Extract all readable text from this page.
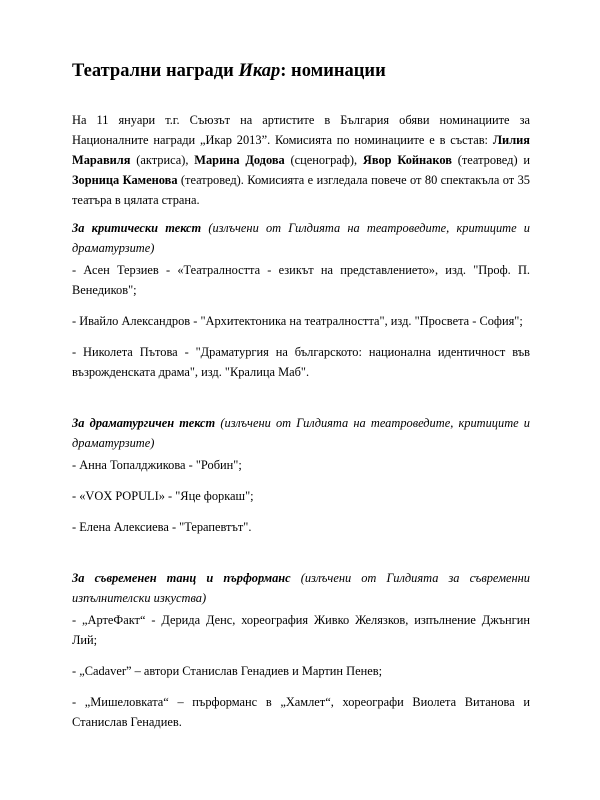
Театрални награди Икар: номинации

На 11 януари т.г. Съюзът на артистите в България обяви номинациите за Националните награди „Икар 2013”. Комисията по номинациите е в състав: Лилия Маравиля (актриса), Марина Додова (сценограф), Явор Койнаков (театровед) и Зорница Каменова (театровед). Комисията е изгледала повече от 80 спектакъла от 35 театъра в цялата страна.

За критически текст (излъчени от Гилдията на театроведите, критиците и драматурзите)

- Асен Терзиев - «Театралността - езикът на представлението», изд. "Проф. П. Венедиков";

- Ивайло Александров - "Архитектоника на театралността", изд. "Просвета - София";

- Николета Пътова - "Драматургия на българското: национална идентичност във възрожденската драма", изд. "Кралица Маб".

За драматургичен текст (излъчени от Гилдията на театроведите, критиците и драматурзите)

- Анна Топалджикова - "Робин";

- «VOX POPULI» - "Яце форкаш";

- Елена Алексиева - "Терапевтът".

За съвременен танц и пърформанс (излъчени от Гилдията за съвременни изпълнителски изкуства)

- „АртеФакт“ - Дерида Денс, хореография Живко Желязков, изпълнение Джънгин Лий;

- „Cadaver” – автори Станислав Генадиев и Мартин Пенев;

- „Мишеловката“ – пърформанс в „Хамлет“, хореографи Виолета Витанова и Станислав Генадиев.
